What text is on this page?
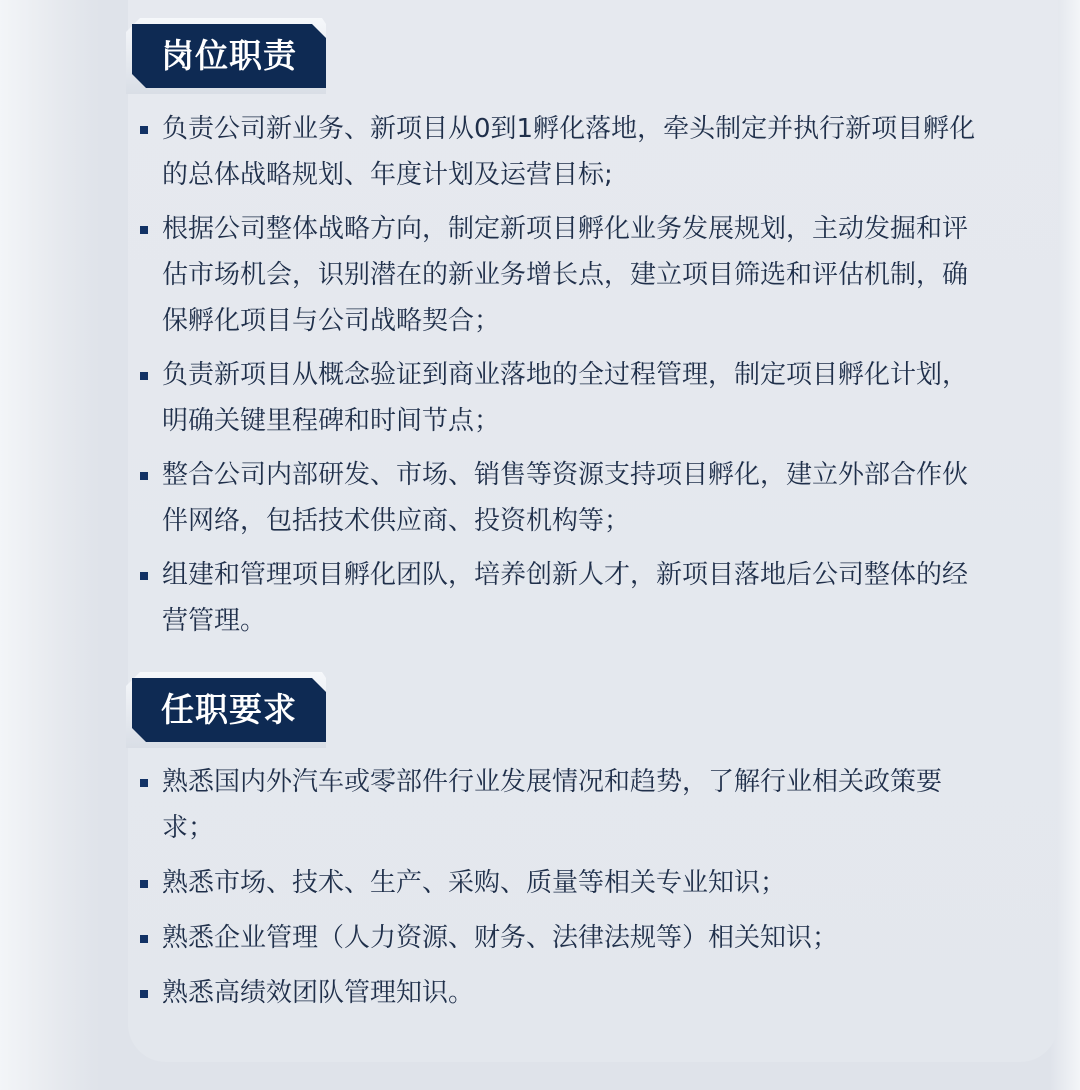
岗位职责
负责公司新业务、新项目从0到1孵化落地，牵头制定并执行新项目孵化的总体战略规划、年度计划及运营目标;
根据公司整体战略方向，制定新项目孵化业务发展规划，主动发掘和评估市场机会，识别潜在的新业务增长点，建立项目筛选和评估机制，确保孵化项目与公司战略契合；
负责新项目从概念验证到商业落地的全过程管理，制定项目孵化计划，明确关键里程碑和时间节点；
整合公司内部研发、市场、销售等资源支持项目孵化，建立外部合作伙伴网络，包括技术供应商、投资机构等；
组建和管理项目孵化团队，培养创新人才，新项目落地后公司整体的经营管理。
任职要求
熟悉国内外汽车或零部件行业发展情况和趋势，了解行业相关政策要求；
熟悉市场、技术、生产、采购、质量等相关专业知识；
熟悉企业管理（人力资源、财务、法律法规等）相关知识；
熟悉高绩效团队管理知识。
